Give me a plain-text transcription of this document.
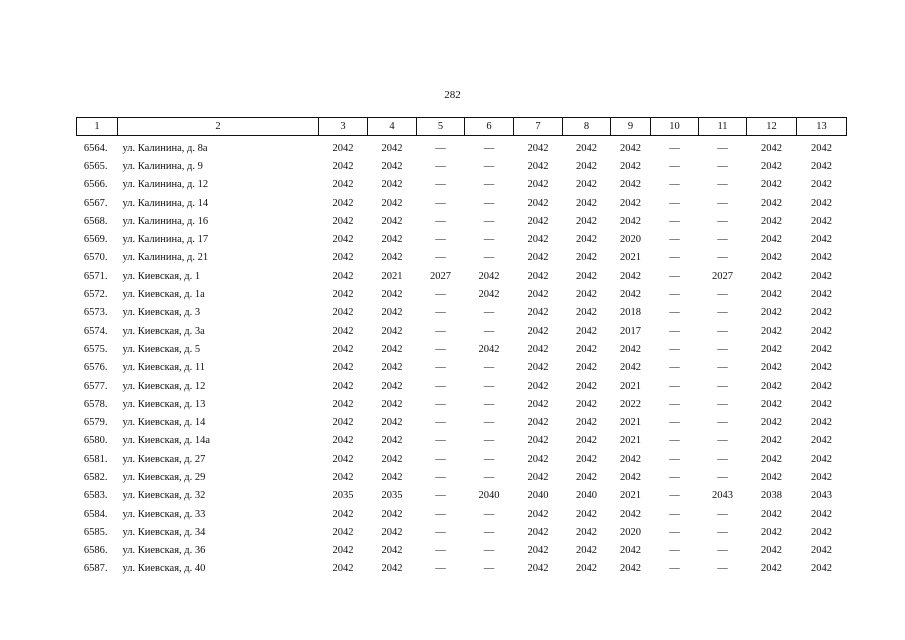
282
1	2	3	4	5	6	7	8	9	10	11	12	13
6564.	ул. Калинина, д. 8а	2042	2042	—	—	2042	2042	2042	—	—	2042	2042
6565.	ул. Калинина, д. 9	2042	2042	—	—	2042	2042	2042	—	—	2042	2042
6566.	ул. Калинина, д. 12	2042	2042	—	—	2042	2042	2042	—	—	2042	2042
6567.	ул. Калинина, д. 14	2042	2042	—	—	2042	2042	2042	—	—	2042	2042
6568.	ул. Калинина, д. 16	2042	2042	—	—	2042	2042	2042	—	—	2042	2042
6569.	ул. Калинина, д. 17	2042	2042	—	—	2042	2042	2020	—	—	2042	2042
6570.	ул. Калинина, д. 21	2042	2042	—	—	2042	2042	2021	—	—	2042	2042
6571.	ул. Киевская, д. 1	2042	2021	2027	2042	2042	2042	2042	—	2027	2042	2042
6572.	ул. Киевская, д. 1а	2042	2042	—	2042	2042	2042	2042	—	—	2042	2042
6573.	ул. Киевская, д. 3	2042	2042	—	—	2042	2042	2018	—	—	2042	2042
6574.	ул. Киевская, д. 3а	2042	2042	—	—	2042	2042	2017	—	—	2042	2042
6575.	ул. Киевская, д. 5	2042	2042	—	2042	2042	2042	2042	—	—	2042	2042
6576.	ул. Киевская, д. 11	2042	2042	—	—	2042	2042	2042	—	—	2042	2042
6577.	ул. Киевская, д. 12	2042	2042	—	—	2042	2042	2021	—	—	2042	2042
6578.	ул. Киевская, д. 13	2042	2042	—	—	2042	2042	2022	—	—	2042	2042
6579.	ул. Киевская, д. 14	2042	2042	—	—	2042	2042	2021	—	—	2042	2042
6580.	ул. Киевская, д. 14а	2042	2042	—	—	2042	2042	2021	—	—	2042	2042
6581.	ул. Киевская, д. 27	2042	2042	—	—	2042	2042	2042	—	—	2042	2042
6582.	ул. Киевская, д. 29	2042	2042	—	—	2042	2042	2042	—	—	2042	2042
6583.	ул. Киевская, д. 32	2035	2035	—	2040	2040	2040	2021	—	2043	2038	2043
6584.	ул. Киевская, д. 33	2042	2042	—	—	2042	2042	2042	—	—	2042	2042
6585.	ул. Киевская, д. 34	2042	2042	—	—	2042	2042	2020	—	—	2042	2042
6586.	ул. Киевская, д. 36	2042	2042	—	—	2042	2042	2042	—	—	2042	2042
6587.	ул. Киевская, д. 40	2042	2042	—	—	2042	2042	2042	—	—	2042	2042
